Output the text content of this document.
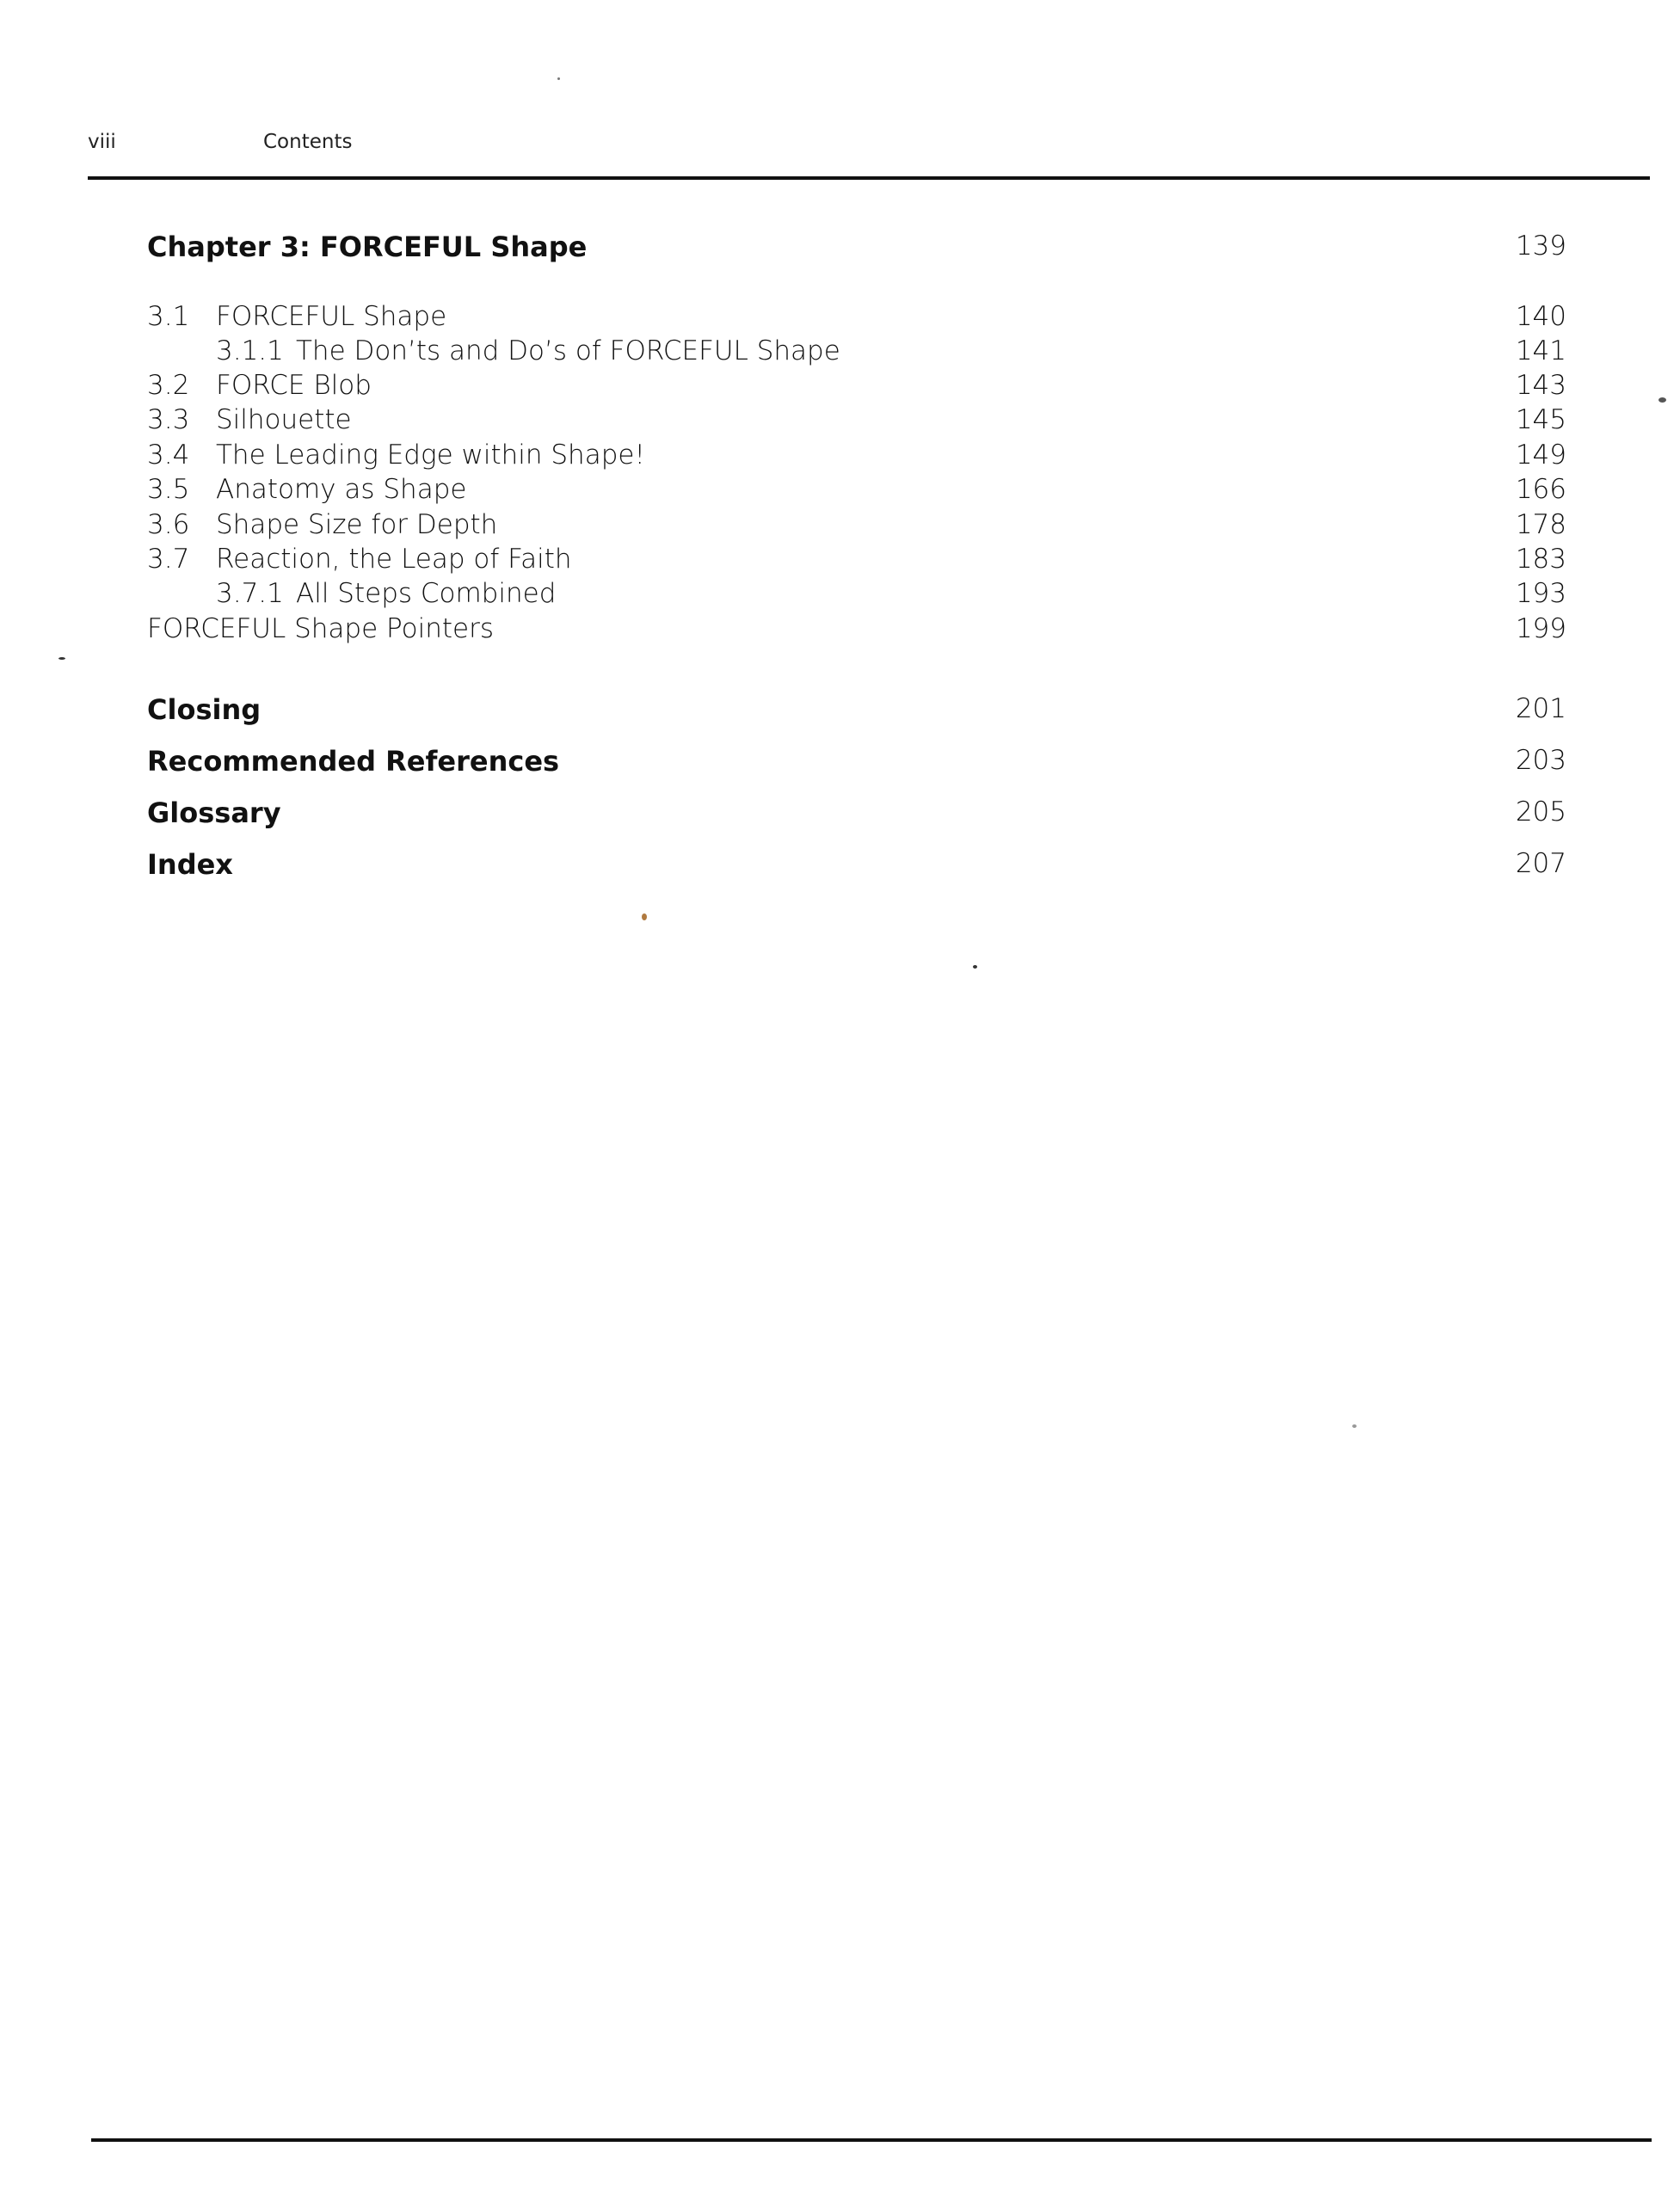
viii	Contents
Chapter 3: FORCEFUL Shape	139
3.1 FORCEFUL Shape	140
3.1.1 The Don’ts and Do’s of FORCEFUL Shape	141
3.2 FORCE Blob	143
3.3 Silhouette	145
3.4 The Leading Edge within Shape!	149
3.5 Anatomy as Shape	166
3.6 Shape Size for Depth	178
3.7 Reaction, the Leap of Faith	183
3.7.1 All Steps Combined	193
FORCEFUL Shape Pointers	199
Closing	201
Recommended References	203
Glossary	205
Index	207
